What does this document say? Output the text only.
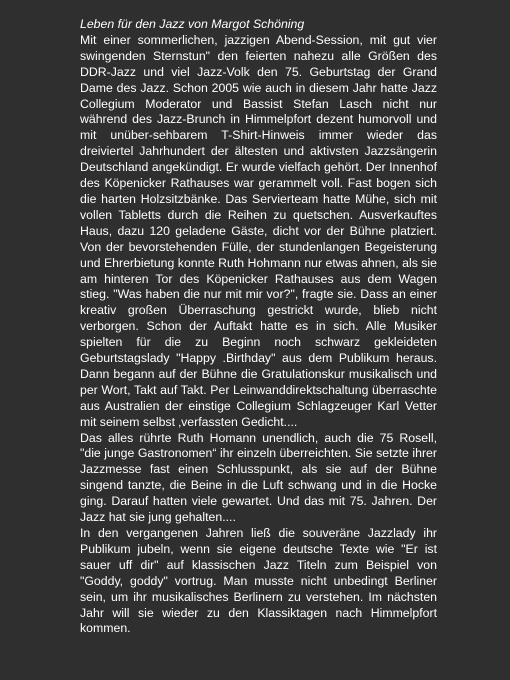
Leben für den Jazz von Margot Schöning

Mit einer sommerlichen, jazzigen Abend-Session, mit gut vier swingenden Sternstun" den feierten nahezu alle Größen des DDR-Jazz und viel Jazz-Volk den 75. Geburtstag der Grand Dame des Jazz. Schon 2005 wie auch in diesem Jahr hatte Jazz Collegium Moderator und Bassist Stefan Lasch nicht nur während des Jazz-Brunch in Himmelpfort dezent humorvoll und mit unüber-sehbarem T-Shirt-Hinweis immer wieder das dreiviertel Jahrhundert der ältesten und aktivsten Jazzsängerin Deutschland angekündigt. Er wurde vielfach gehört. Der Innenhof des Köpenicker Rathauses war gerammelt voll. Fast bogen sich die harten Holzsitzbänke. Das Servierteam hatte Mühe, sich mit vollen Tabletts durch die Reihen zu quetschen. Ausverkauftes Haus, dazu 120 geladene Gäste, dicht vor der Bühne platziert. Von der bevorstehenden Fülle, der stundenlangen Begeisterung und Ehrerbietung konnte Ruth Hohmann nur etwas ahnen, als sie am hinteren Tor des Köpenicker Rathauses aus dem Wagen stieg. "Was haben die nur mit mir vor?", fragte sie. Dass an einer kreativ großen Überraschung gestrickt wurde, blieb nicht verborgen. Schon der Auftakt hatte es in sich. Alle Musiker spielten für die zu Beginn noch schwarz gekleideten Geburtstagslady "Happy .Birthday" aus dem Publikum heraus. Dann begann auf der Bühne die Gratulationskur musikalisch und per Wort, Takt auf Takt. Per Leinwanddirektschaltung überraschte aus Australien der einstige Collegium Schlagzeuger Karl Vetter mit seinem selbst ‚verfassten Gedicht....

Das alles rührte Ruth Homann unendlich, auch die 75 Rosell, "die junge Gastronomen“ ihr einzeln überreichten. Sie setzte ihrer Jazzmesse fast einen Schlusspunkt, als sie auf der Bühne singend tanzte, die Beine in die Luft schwang und in die Hocke ging. Darauf hatten viele gewartet. Und das mit 75. Jahren. Der Jazz hat sie jung gehalten....

In den vergangenen Jahren ließ die souveräne Jazzlady ihr Publikum jubeln, wenn sie eigene deutsche Texte wie "Er ist sauer uff dir" auf klassischen Jazz Titeln zum Beispiel von "Goddy, goddy" vortrug. Man musste nicht unbedingt Berliner sein, um ihr musikalisches Berlinern zu verstehen. Im nächsten Jahr will sie wieder zu den Klassiktagen nach Himmelpfort kommen.
